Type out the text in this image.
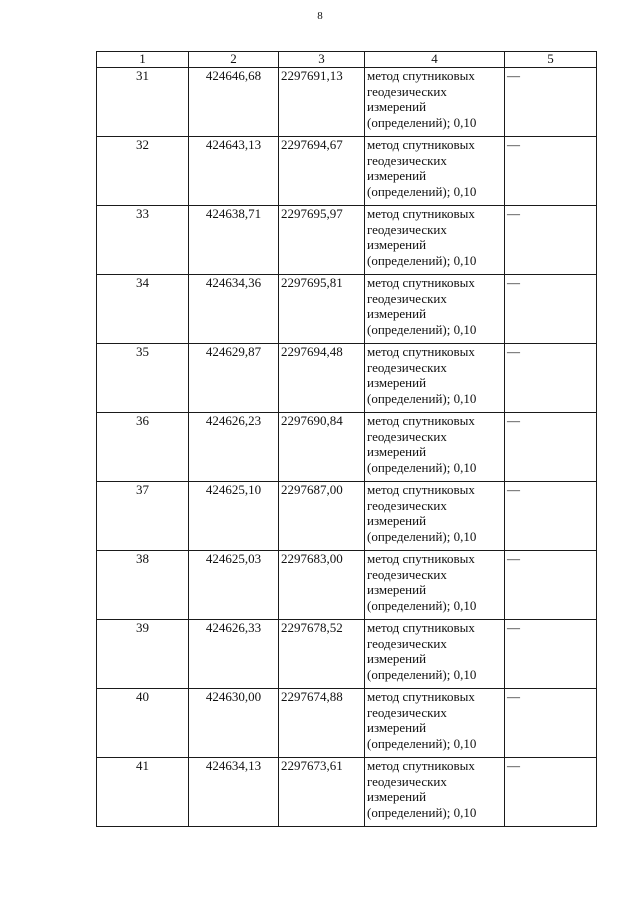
8
1	2	3	4	5
31	424646,68	2297691,13	метод спутниковых
геодезических
измерений
(определений); 0,10	—
32	424643,13	2297694,67	метод спутниковых
геодезических
измерений
(определений); 0,10	—
33	424638,71	2297695,97	метод спутниковых
геодезических
измерений
(определений); 0,10	—
34	424634,36	2297695,81	метод спутниковых
геодезических
измерений
(определений); 0,10	—
35	424629,87	2297694,48	метод спутниковых
геодезических
измерений
(определений); 0,10	—
36	424626,23	2297690,84	метод спутниковых
геодезических
измерений
(определений); 0,10	—
37	424625,10	2297687,00	метод спутниковых
геодезических
измерений
(определений); 0,10	—
38	424625,03	2297683,00	метод спутниковых
геодезических
измерений
(определений); 0,10	—
39	424626,33	2297678,52	метод спутниковых
геодезических
измерений
(определений); 0,10	—
40	424630,00	2297674,88	метод спутниковых
геодезических
измерений
(определений); 0,10	—
41	424634,13	2297673,61	метод спутниковых
геодезических
измерений
(определений); 0,10	—
